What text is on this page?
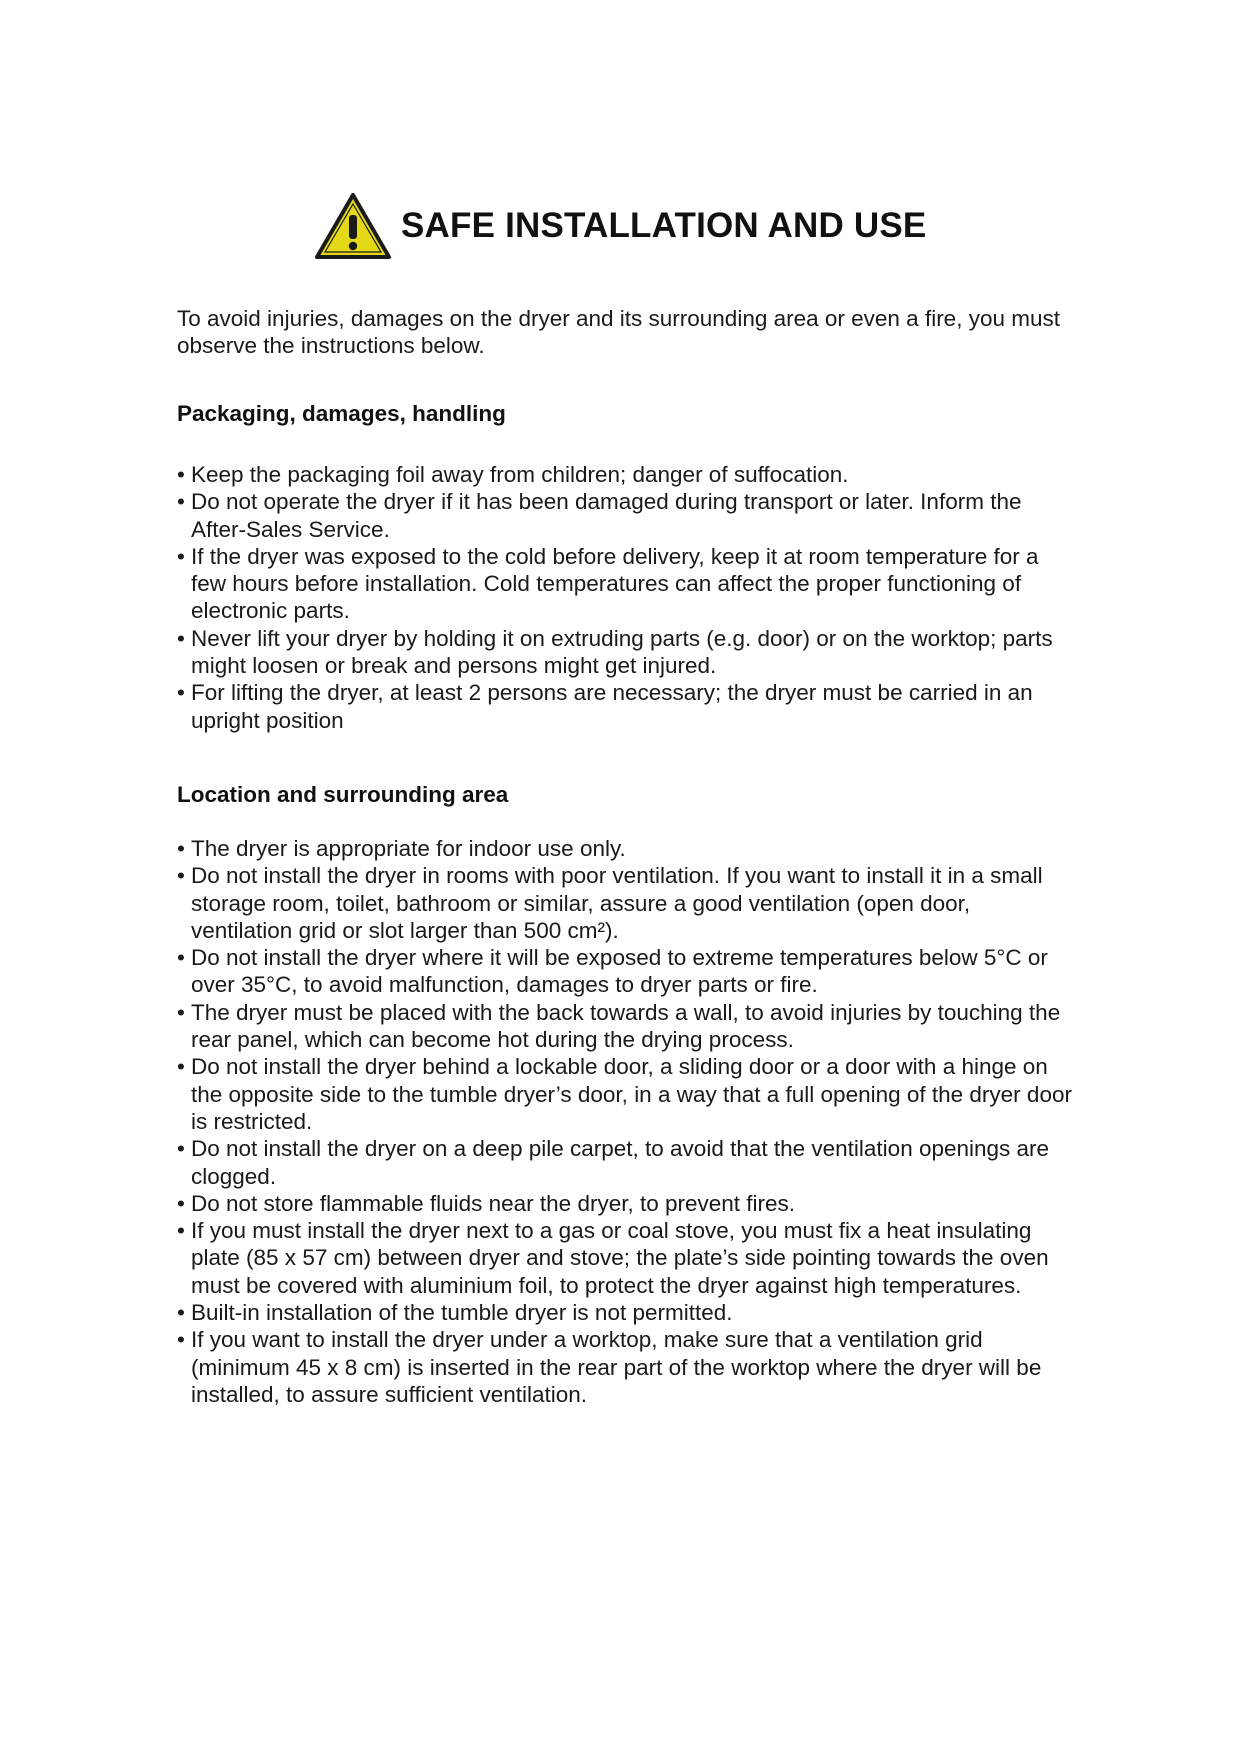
SAFE INSTALLATION AND USE

To avoid injuries, damages on the dryer and its surrounding area or even a fire, you must observe the instructions below.

Packaging, damages, handling
• Keep the packaging foil away from children; danger of suffocation.
• Do not operate the dryer if it has been damaged during transport or later. Inform the After-Sales Service.
• If the dryer was exposed to the cold before delivery, keep it at room temperature for a few hours before installation. Cold temperatures can affect the proper functioning of electronic parts.
• Never lift your dryer by holding it on extruding parts (e.g. door) or on the worktop; parts might loosen or break and persons might get injured.
• For lifting the dryer, at least 2 persons are necessary; the dryer must be carried in an upright position
Location and surrounding area
• The dryer is appropriate for indoor use only.
• Do not install the dryer in rooms with poor ventilation. If you want to install it in a small storage room, toilet, bathroom or similar, assure a good ventilation (open door, ventilation grid or slot larger than 500 cm²).
• Do not install the dryer where it will be exposed to extreme temperatures below 5°C or over 35°C, to avoid malfunction, damages to dryer parts or fire.
• The dryer must be placed with the back towards a wall, to avoid injuries by touching the rear panel, which can become hot during the drying process.
• Do not install the dryer behind a lockable door, a sliding door or a door with a hinge on the opposite side to the tumble dryer’s door, in a way that a full opening of the dryer door is restricted.
• Do not install the dryer on a deep pile carpet, to avoid that the ventilation openings are clogged.
• Do not store flammable fluids near the dryer, to prevent fires.
• If you must install the dryer next to a gas or coal stove, you must fix a heat insulating plate (85 x 57 cm) between dryer and stove; the plate’s side pointing towards the oven must be covered with aluminium foil, to protect the dryer against high temperatures.
• Built-in installation of the tumble dryer is not permitted.
• If you want to install the dryer under a worktop, make sure that a ventilation grid (minimum 45 x 8 cm) is inserted in the rear part of the worktop where the dryer will be installed, to assure sufficient ventilation.
